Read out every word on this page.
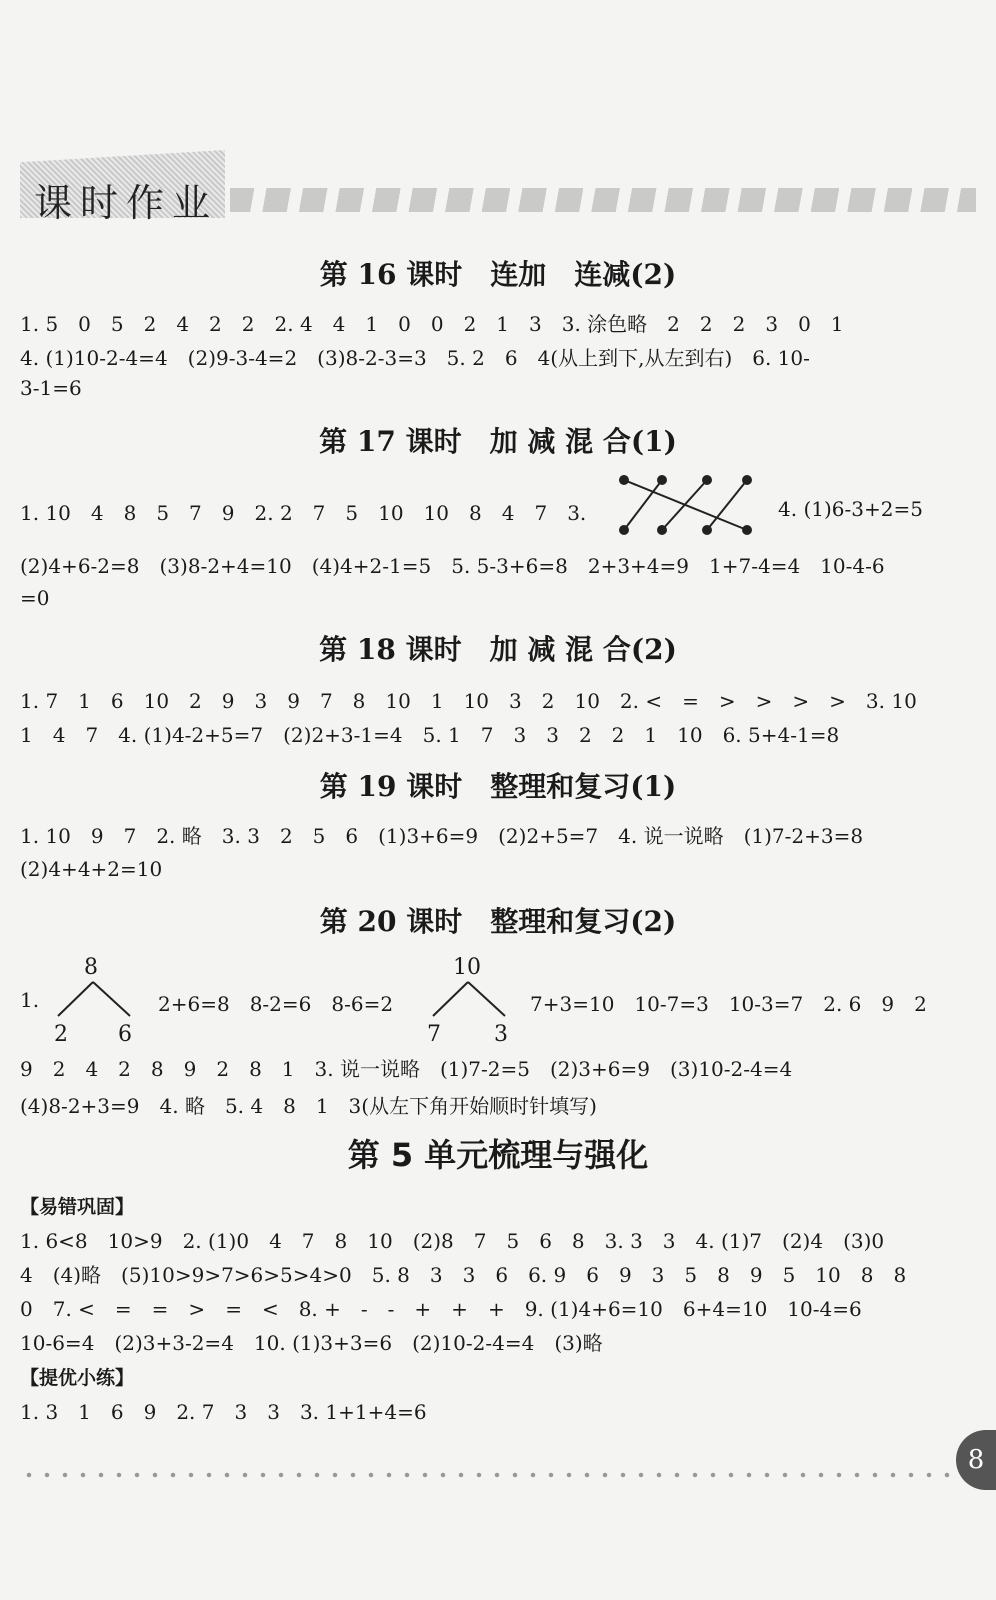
课时作业
第 16 课时　连加　连减(2)
1. 5　0　5　2　4　2　2　2. 4　4　1　0　0　2　1　3　3. 涂色略　2　2　2　3　0　1
4. (1)10-2-4=4　(2)9-3-4=2　(3)8-2-3=3　5. 2　6　4(从上到下,从左到右)　6. 10-
3-1=6
第 17 课时　加 减 混 合(1)
1. 10　4　8　5　7　9　2. 2　7　5　10　10　8　4　7　3.	4. (1)6-3+2=5
(2)4+6-2=8　(3)8-2+4=10　(4)4+2-1=5　5. 5-3+6=8　2+3+4=9　1+7-4=4　10-4-6
=0
第 18 课时　加 减 混 合(2)
1. 7　1　6　10　2　9　3　9　7　8　10　1　10　3　2　10　2. <　=　>　>　>　>　3. 10
1　4　7　4. (1)4-2+5=7　(2)2+3-1=4　5. 1　7　3　3　2　2　1　10　6. 5+4-1=8
第 19 课时　整理和复习(1)
1. 10　9　7　2. 略　3. 3　2　5　6　(1)3+6=9　(2)2+5=7　4. 说一说略　(1)7-2+3=8
(2)4+4+2=10
第 20 课时　整理和复习(2)
1.
8
2 6
2+6=8　8-2=6　8-6=2
10
7 3
7+3=10　10-7=3　10-3=7　2. 6　9　2
9　2　4　2　8　9　2　8　1　3. 说一说略　(1)7-2=5　(2)3+6=9　(3)10-2-4=4
(4)8-2+3=9　4. 略　5. 4　8　1　3(从左下角开始顺时针填写)
第 5 单元梳理与强化
【易错巩固】
1. 6<8　10>9　2. (1)0　4　7　8　10　(2)8　7　5　6　8　3. 3　3　4. (1)7　(2)4　(3)0
4　(4)略　(5)10>9>7>6>5>4>0　5. 8　3　3　6　6. 9　6　9　3　5　8　9　5　10　8　8
0　7. <　=　=　>　=　<　8. +　-　-　+　+　+　9. (1)4+6=10　6+4=10　10-4=6
10-6=4　(2)3+3-2=4　10. (1)3+3=6　(2)10-2-4=4　(3)略
【提优小练】
1. 3　1　6　9　2. 7　3　3　3. 1+1+4=6
8
